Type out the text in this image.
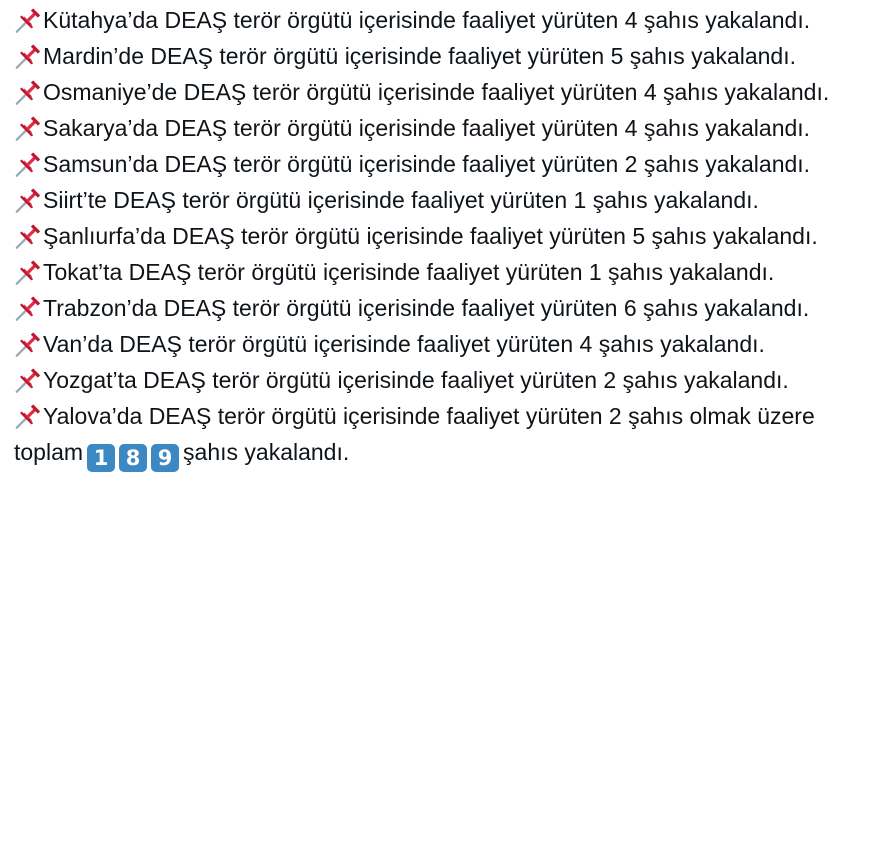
Kütahya’da DEAŞ terör örgütü içerisinde faaliyet yürüten 4 şahıs yakalandı.
Mardin’de DEAŞ terör örgütü içerisinde faaliyet yürüten 5 şahıs yakalandı.
Osmaniye’de DEAŞ terör örgütü içerisinde faaliyet yürüten 4 şahıs yakalandı.
Sakarya’da DEAŞ terör örgütü içerisinde faaliyet yürüten 4 şahıs yakalandı.
Samsun’da DEAŞ terör örgütü içerisinde faaliyet yürüten 2 şahıs yakalandı.
Siirt’te DEAŞ terör örgütü içerisinde faaliyet yürüten 1 şahıs yakalandı.
Şanlıurfa’da DEAŞ terör örgütü içerisinde faaliyet yürüten 5 şahıs yakalandı.
Tokat’ta DEAŞ terör örgütü içerisinde faaliyet yürüten 1 şahıs yakalandı.
Trabzon’da DEAŞ terör örgütü içerisinde faaliyet yürüten 6 şahıs yakalandı.
Van’da DEAŞ terör örgütü içerisinde faaliyet yürüten 4 şahıs yakalandı.
Yozgat’ta DEAŞ terör örgütü içerisinde faaliyet yürüten 2 şahıs yakalandı.
Yalova’da DEAŞ terör örgütü içerisinde faaliyet yürüten 2 şahıs olmak üzere toplam 1 8 9 şahıs yakalandı.
